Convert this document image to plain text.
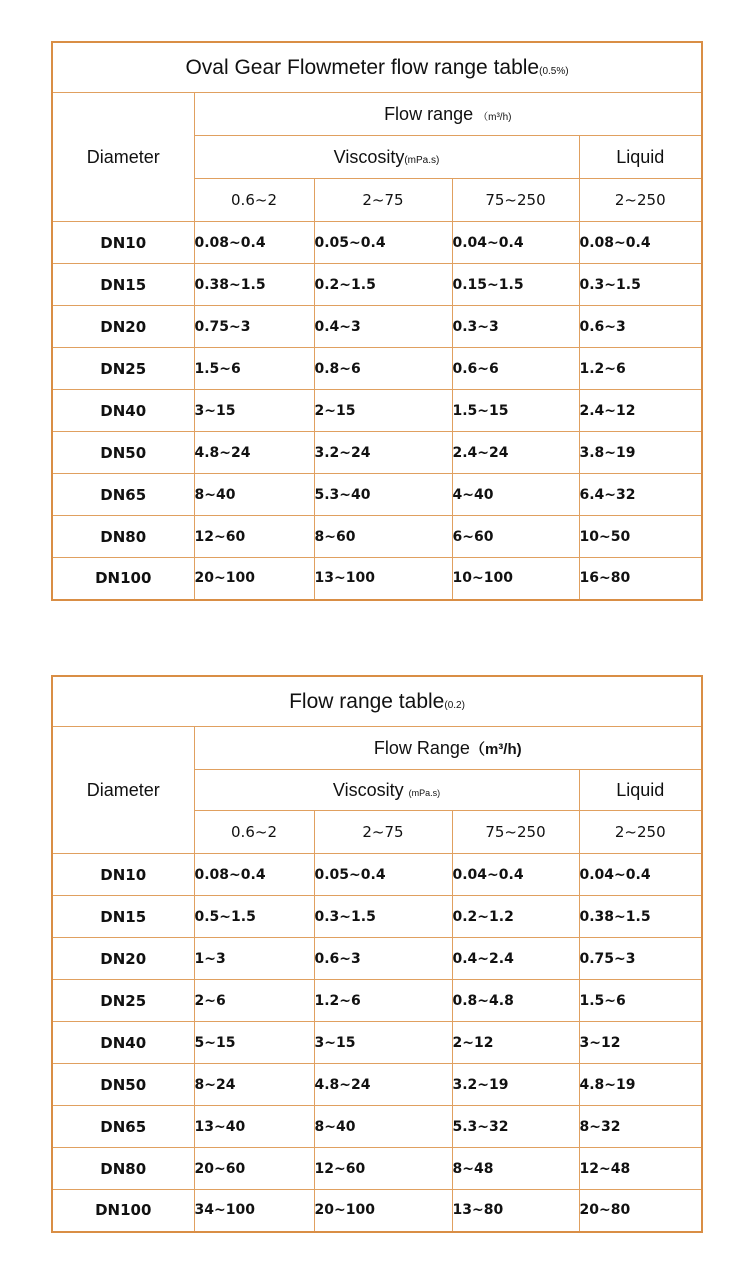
Oval Gear Flowmeter flow range table(0.5%)				
Diameter	Flow range （m³/h)			
	Viscosity(mPa.s)			Liquid
	0.6~2	2~75	75~250	2~250
DN10	0.08~0.4	0.05~0.4	0.04~0.4	0.08~0.4
DN15	0.38~1.5	0.2~1.5	0.15~1.5	0.3~1.5
DN20	0.75~3	0.4~3	0.3~3	0.6~3
DN25	1.5~6	0.8~6	0.6~6	1.2~6
DN40	3~15	2~15	1.5~15	2.4~12
DN50	4.8~24	3.2~24	2.4~24	3.8~19
DN65	8~40	5.3~40	4~40	6.4~32
DN80	12~60	8~60	6~60	10~50
DN100	20~100	13~100	10~100	16~80
Flow range table(0.2)				
Diameter	Flow Range（m³/h)			
	Viscosity (mPa.s)			Liquid
	0.6~2	2~75	75~250	2~250
DN10	0.08~0.4	0.05~0.4	0.04~0.4	0.04~0.4
DN15	0.5~1.5	0.3~1.5	0.2~1.2	0.38~1.5
DN20	1~3	0.6~3	0.4~2.4	0.75~3
DN25	2~6	1.2~6	0.8~4.8	1.5~6
DN40	5~15	3~15	2~12	3~12
DN50	8~24	4.8~24	3.2~19	4.8~19
DN65	13~40	8~40	5.3~32	8~32
DN80	20~60	12~60	8~48	12~48
DN100	34~100	20~100	13~80	20~80
